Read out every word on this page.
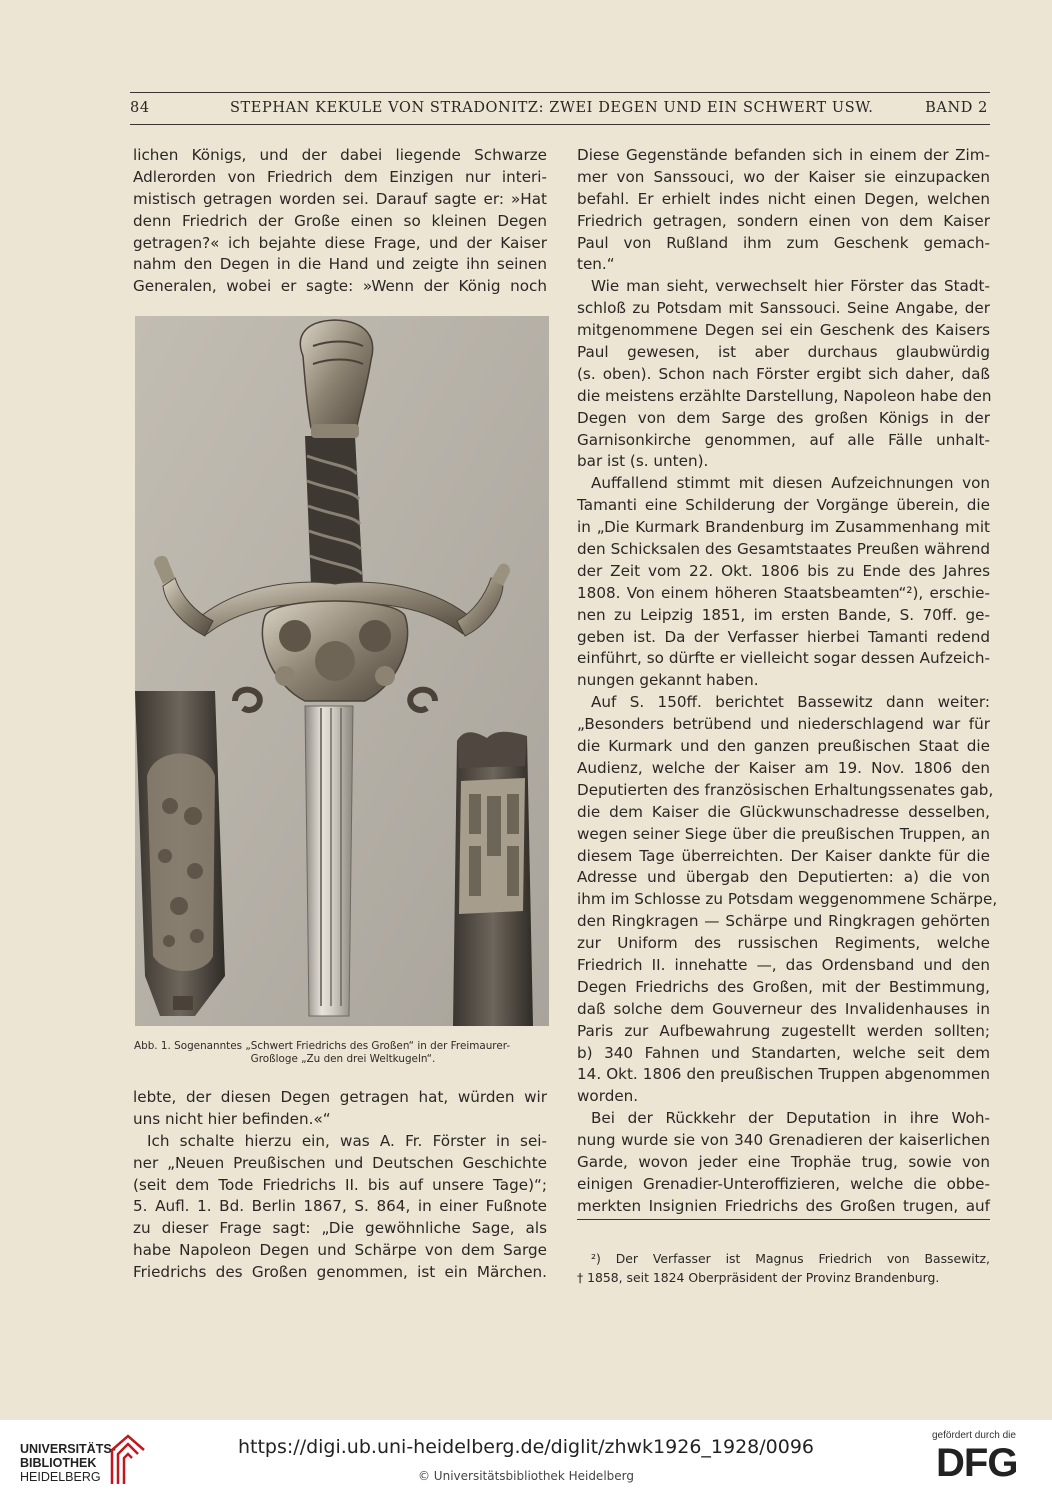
84	STEPHAN KEKULE VON STRADONITZ: ZWEI DEGEN UND EIN SCHWERT USW.	BAND 2
lichen Königs, und der dabei liegende Schwarze
Adlerorden von Friedrich dem Einzigen nur interi-
mistisch getragen worden sei. Darauf sagte er: »Hat
denn Friedrich der Große einen so kleinen Degen
getragen?« ich bejahte diese Frage, und der Kaiser
nahm den Degen in die Hand und zeigte ihn seinen
Generalen, wobei er sagte: »Wenn der König noch
Abb. 1. Sogenanntes „Schwert Friedrichs des Großen“ in der Freimaurer-
Großloge „Zu den drei Weltkugeln“.
lebte, der diesen Degen getragen hat, würden wir
uns nicht hier befinden.«“
Ich schalte hierzu ein, was A. Fr. Förster in sei-
ner „Neuen Preußischen und Deutschen Geschichte
(seit dem Tode Friedrichs II. bis auf unsere Tage)“;
5. Aufl. 1. Bd. Berlin 1867, S. 864, in einer Fußnote
zu dieser Frage sagt: „Die gewöhnliche Sage, als
habe Napoleon Degen und Schärpe von dem Sarge
Friedrichs des Großen genommen, ist ein Märchen.
Diese Gegenstände befanden sich in einem der Zim-
mer von Sanssouci, wo der Kaiser sie einzupacken
befahl. Er erhielt indes nicht einen Degen, welchen
Friedrich getragen, sondern einen von dem Kaiser
Paul von Rußland ihm zum Geschenk gemach-
ten.“
Wie man sieht, verwechselt hier Förster das Stadt-
schloß zu Potsdam mit Sanssouci. Seine Angabe, der
mitgenommene Degen sei ein Geschenk des Kaisers
Paul gewesen, ist aber durchaus glaubwürdig
(s. oben). Schon nach Förster ergibt sich daher, daß
die meistens erzählte Darstellung, Napoleon habe den
Degen von dem Sarge des großen Königs in der
Garnisonkirche genommen, auf alle Fälle unhalt-
bar ist (s. unten).
Auffallend stimmt mit diesen Aufzeichnungen von
Tamanti eine Schilderung der Vorgänge überein, die
in „Die Kurmark Brandenburg im Zusammenhang mit
den Schicksalen des Gesamtstaates Preußen während
der Zeit vom 22. Okt. 1806 bis zu Ende des Jahres
1808. Von einem höheren Staatsbeamten“²), erschie-
nen zu Leipzig 1851, im ersten Bande, S. 70ff. ge-
geben ist. Da der Verfasser hierbei Tamanti redend
einführt, so dürfte er vielleicht sogar dessen Aufzeich-
nungen gekannt haben.
Auf S. 150ff. berichtet Bassewitz dann weiter:
„Besonders betrübend und niederschlagend war für
die Kurmark und den ganzen preußischen Staat die
Audienz, welche der Kaiser am 19. Nov. 1806 den
Deputierten des französischen Erhaltungssenates gab,
die dem Kaiser die Glückwunschadresse desselben,
wegen seiner Siege über die preußischen Truppen, an
diesem Tage überreichten. Der Kaiser dankte für die
Adresse und übergab den Deputierten: a) die von
ihm im Schlosse zu Potsdam weggenommene Schärpe,
den Ringkragen — Schärpe und Ringkragen gehörten
zur Uniform des russischen Regiments, welche
Friedrich II. innehatte —, das Ordensband und den
Degen Friedrichs des Großen, mit der Bestimmung,
daß solche dem Gouverneur des Invalidenhauses in
Paris zur Aufbewahrung zugestellt werden sollten;
b) 340 Fahnen und Standarten, welche seit dem
14. Okt. 1806 den preußischen Truppen abgenommen
worden.
Bei der Rückkehr der Deputation in ihre Woh-
nung wurde sie von 340 Grenadieren der kaiserlichen
Garde, wovon jeder eine Trophäe trug, sowie von
einigen Grenadier-Unteroffizieren, welche die obbe-
merkten Insignien Friedrichs des Großen trugen, auf
²) Der Verfasser ist Magnus Friedrich von Bassewitz,
† 1858, seit 1824 Oberpräsident der Provinz Brandenburg.
UNIVERSITÄTS-
BIBLIOTHEK
HEIDELBERG
https://digi.ub.uni-heidelberg.de/diglit/zhwk1926_1928/0096
© Universitätsbibliothek Heidelberg
gefördert durch die
DFG
